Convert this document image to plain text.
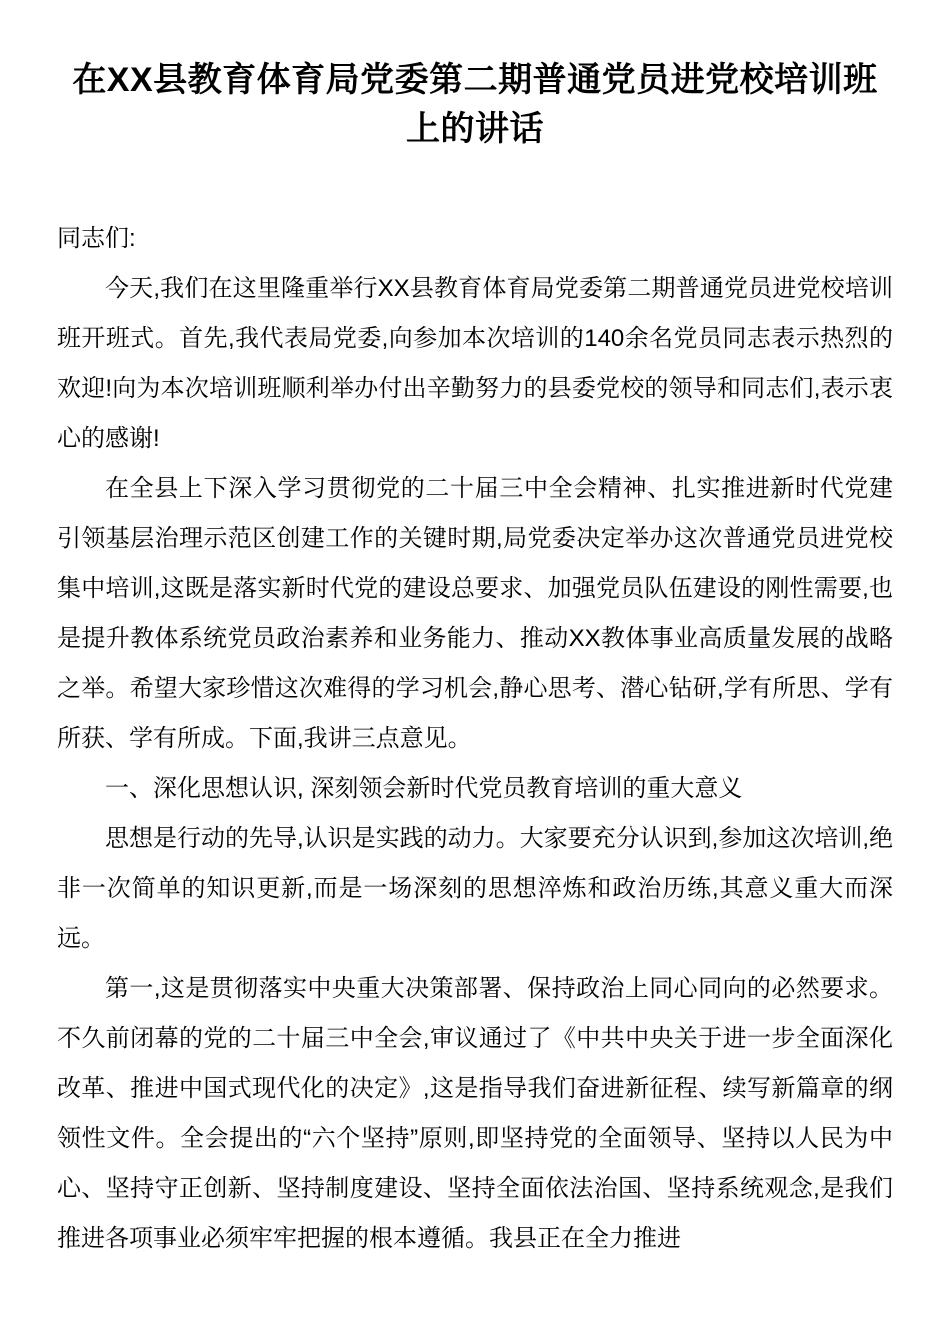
在XX县教育体育局党委第二期普通党员进党校培训班上的讲话

同志们:

今天,我们在这里隆重举行XX县教育体育局党委第二期普通党员进党校培训班开班式。首先,我代表局党委,向参加本次培训的140余名党员同志表示热烈的欢迎!向为本次培训班顺利举办付出辛勤努力的县委党校的领导和同志们,表示衷心的感谢!

在全县上下深入学习贯彻党的二十届三中全会精神、扎实推进新时代党建引领基层治理示范区创建工作的关键时期,局党委决定举办这次普通党员进党校集中培训,这既是落实新时代党的建设总要求、加强党员队伍建设的刚性需要,也是提升教体系统党员政治素养和业务能力、推动XX教体事业高质量发展的战略之举。希望大家珍惜这次难得的学习机会,静心思考、潜心钻研,学有所思、学有所获、学有所成。下面,我讲三点意见。

一、深化思想认识, 深刻领会新时代党员教育培训的重大意义

思想是行动的先导,认识是实践的动力。大家要充分认识到,参加这次培训,绝非一次简单的知识更新,而是一场深刻的思想淬炼和政治历练,其意义重大而深远。

第一,这是贯彻落实中央重大决策部署、保持政治上同心同向的必然要求。不久前闭幕的党的二十届三中全会,审议通过了《中共中央关于进一步全面深化改革、推进中国式现代化的决定》,这是指导我们奋进新征程、续写新篇章的纲领性文件。全会提出的“六个坚持”原则,即坚持党的全面领导、坚持以人民为中心、坚持守正创新、坚持制度建设、坚持全面依法治国、坚持系统观念,是我们推进各项事业必须牢牢把握的根本遵循。我县正在全力推进
